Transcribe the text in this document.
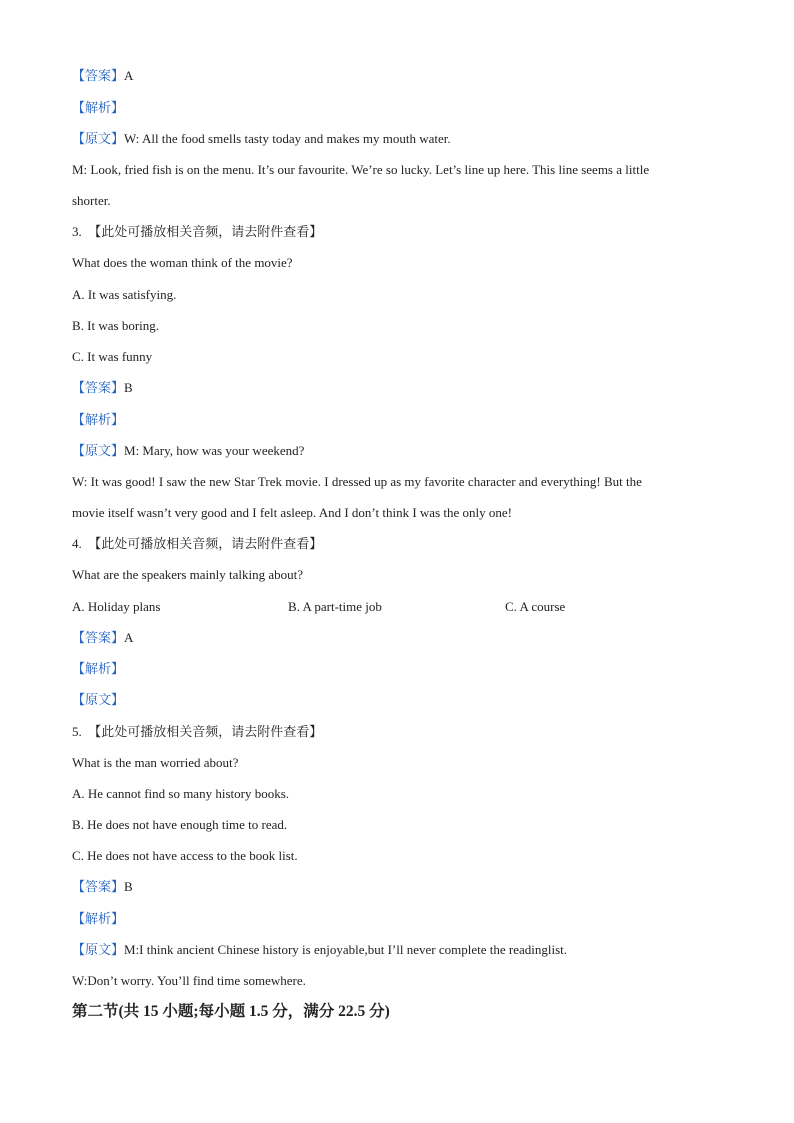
【答案】A
【解析】
【原文】W: All the food smells tasty today and makes my mouth water.
M: Look, fried fish is on the menu. It’s our favourite. We’re so lucky. Let’s line up here. This line seems a little
shorter.
3. 【此处可播放相关音频，请去附件查看】
What does the woman think of the movie?
A. It was satisfying.
B. It was boring.
C. It was funny
【答案】B
【解析】
【原文】M: Mary, how was your weekend?
W: It was good! I saw the new Star Trek movie. I dressed up as my favorite character and everything! But the
movie itself wasn’t very good and I felt asleep. And I don’t think I was the only one!
4. 【此处可播放相关音频，请去附件查看】
What are the speakers mainly talking about?
A. Holiday plans	B. A part-time job	C. A course
【答案】A
【解析】
【原文】
5. 【此处可播放相关音频，请去附件查看】
What is the man worried about?
A. He cannot find so many history books.
B. He does not have enough time to read.
C. He does not have access to the book list.
【答案】B
【解析】
【原文】M:I think ancient Chinese history is enjoyable,but I’ll never complete the readinglist.
W:Don’t worry. You’ll find time somewhere.
第二节(共 15 小题;每小题 1.5 分，满分 22.5 分)
